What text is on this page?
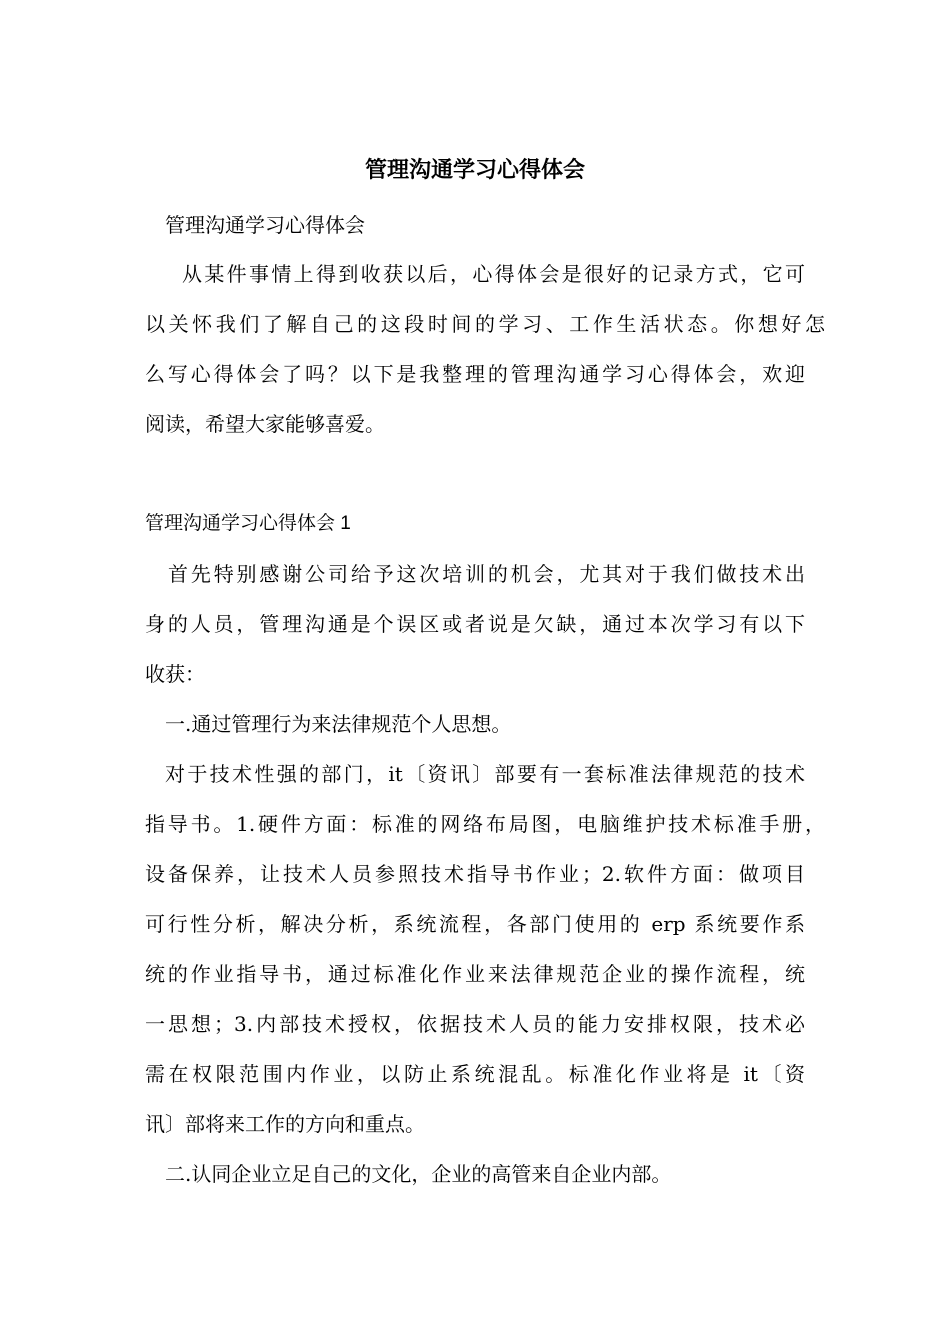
管理沟通学习心得体会
管理沟通学习心得体会
从某件事情上得到收获以后，心得体会是很好的记录方式，它可
以关怀我们了解自己的这段时间的学习、工作生活状态。你想好怎
么写心得体会了吗？以下是我整理的管理沟通学习心得体会，欢迎
阅读，希望大家能够喜爱。
管理沟通学习心得体会 1
首先特别感谢公司给予这次培训的机会，尤其对于我们做技术出
身的人员，管理沟通是个误区或者说是欠缺，通过本次学习有以下
收获：
一.通过管理行为来法律规范个人思想。
对于技术性强的部门，it〔资讯〕部要有一套标准法律规范的技术
指导书。1.硬件方面：标准的网络布局图，电脑维护技术标准手册，
设备保养，让技术人员参照技术指导书作业；2.软件方面：做项目
可行性分析，解决分析，系统流程，各部门使用的 erp 系统要作系
统的作业指导书，通过标准化作业来法律规范企业的操作流程，统
一思想；3.内部技术授权，依据技术人员的能力安排权限，技术必
需在权限范围内作业，以防止系统混乱。标准化作业将是 it〔资
讯〕部将来工作的方向和重点。
二.认同企业立足自己的文化，企业的高管来自企业内部。
